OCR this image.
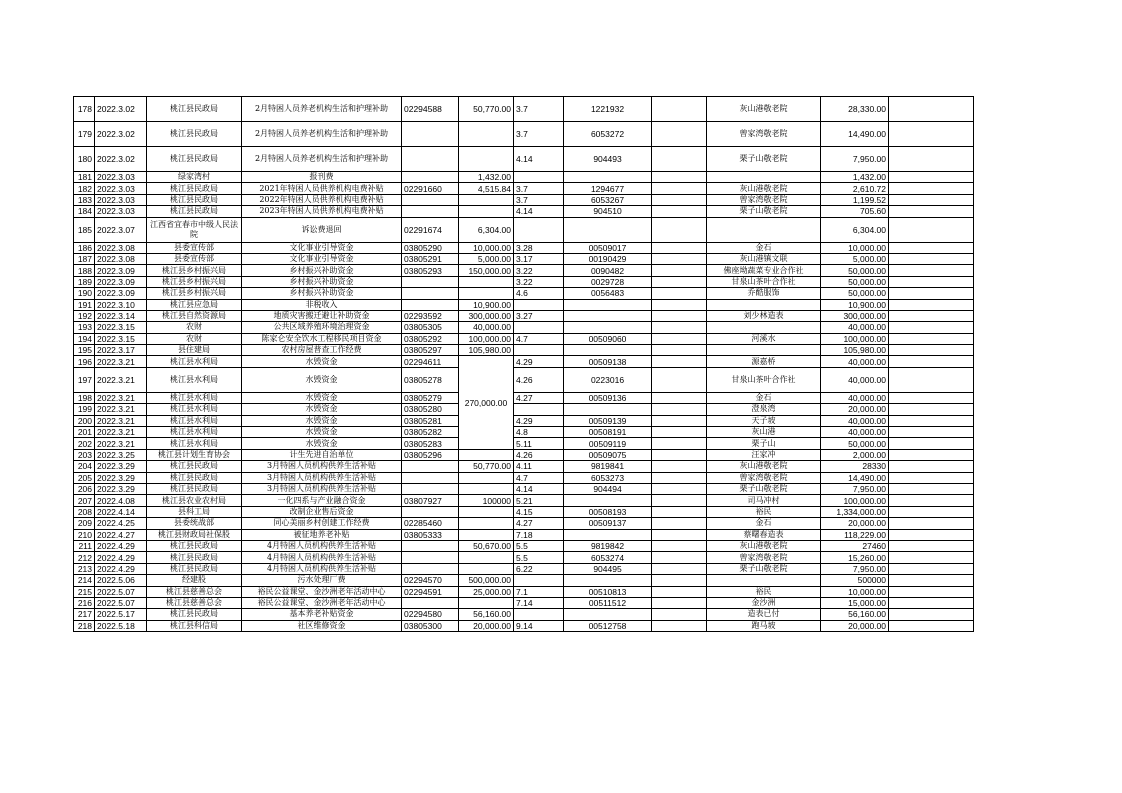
178	2022.3.02	桃江县民政局	2月特困人员养老机构生活和护理补助	02294588	50,770.00	3.7	1221932		灰山港敬老院	28,330.00	
179	2022.3.02	桃江县民政局	2月特困人员养老机构生活和护理补助			3.7	6053272		曾家湾敬老院	14,490.00	
180	2022.3.02	桃江县民政局	2月特困人员养老机构生活和护理补助			4.14	904493		栗子山敬老院	7,950.00	
181	2022.3.03	绿家湾村	报刊费		1,432.00					1,432.00	
182	2022.3.03	桃江县民政局	2021年特困人员供养机构电费补贴	02291660	4,515.84	3.7	1294677		灰山港敬老院	2,610.72	
183	2022.3.03	桃江县民政局	2022年特困人员供养机构电费补贴			3.7	6053267		曾家湾敬老院	1,199.52	
184	2022.3.03	桃江县民政局	2023年特困人员供养机构电费补贴			4.14	904510		栗子山敬老院	705.60	
185	2022.3.07	江西省宜春市中级人民法院	诉讼费退回	02291674	6,304.00					6,304.00	
186	2022.3.08	县委宣传部	文化事业引导资金	03805290	10,000.00	3.28	00509017		金石	10,000.00	
187	2022.3.08	县委宣传部	文化事业引导资金	03805291	5,000.00	3.17	00190429		灰山港镇文联	5,000.00	
188	2022.3.09	桃江县乡村振兴局	乡村振兴补助资金	03805293	150,000.00	3.22	0090482		佛座坳蔬菜专业合作社	50,000.00	
189	2022.3.09	桃江县乡村振兴局	乡村振兴补助资金			3.22	0029728		甘泉山茶叶合作社	50,000.00	
190	2022.3.09	桃江县乡村振兴局	乡村振兴补助资金			4.6	0056483		乔酷服饰	50,000.00	
191	2022.3.10	桃江县应急局	非税收入		10,900.00					10,900.00	
192	2022.3.14	桃江县自然资源局	地质灾害搬迁避让补助资金	02293592	300,000.00	3.27			刘少林造表	300,000.00	
193	2022.3.15	农财	公共区域养殖环境治理资金	03805305	40,000.00					40,000.00	
194	2022.3.15	农财	陈家仑安全饮水工程移民项目资金	03805292	100,000.00	4.7	00509060		河溪水	100,000.00	
195	2022.3.17	县住建局	农村房屋普查工作经费	03805297	105,980.00					105,980.00	
196	2022.3.21	桃江县水利局	水毁资金	02294611	270,000.00	4.29	00509138		源嘉桥	40,000.00	
197	2022.3.21	桃江县水利局	水毁资金	03805278		4.26	0223016		甘泉山茶叶合作社	40,000.00	
198	2022.3.21	桃江县水利局	水毁资金	03805279		4.27	00509136		金石	40,000.00	
199	2022.3.21	桃江县水利局	水毁资金	03805280					澄泉湾	20,000.00	
200	2022.3.21	桃江县水利局	水毁资金	03805281		4.29	00509139		天子坡	40,000.00	
201	2022.3.21	桃江县水利局	水毁资金	03805282		4.8	00508191		灰山港	40,000.00	
202	2022.3.21	桃江县水利局	水毁资金	03805283		5.11	00509119		栗子山	50,000.00	
203	2022.3.25	桃江县计划生育协会	计生先进自治单位	03805296		4.26	00509075		汪家冲	2,000.00	
204	2022.3.29	桃江县民政局	3月特困人员机构供养生活补贴		50,770.00	4.11	9819841		灰山港敬老院	28330	
205	2022.3.29	桃江县民政局	3月特困人员机构供养生活补贴			4.7	6053273		曾家湾敬老院	14,490.00	
206	2022.3.29	桃江县民政局	3月特困人员机构供养生活补贴			4.14	904494		栗子山敬老院	7,950.00	
207	2022.4.08	桃江县农业农村局	一化四系与产业融合资金	03807927	100000	5.21			司马冲村	100,000.00	
208	2022.4.14	县科工局	改制企业售后资金			4.15	00508193		裕民	1,334,000.00	
209	2022.4.25	县委统战部	同心美丽乡村创建工作经费	02285460		4.27	00509137		金石	20,000.00	
210	2022.4.27	桃江县财政局社保股	被征地养老补贴	03805333		7.18			蔡曙春造表	118,229.00	
211	2022.4.29	桃江县民政局	4月特困人员机构供养生活补贴		50,670.00	5.5	9819842		灰山港敬老院	27460	
212	2022.4.29	桃江县民政局	4月特困人员机构供养生活补贴			5.5	6053274		曾家湾敬老院	15,260.00	
213	2022.4.29	桃江县民政局	4月特困人员机构供养生活补贴			6.22	904495		栗子山敬老院	7,950.00	
214	2022.5.06	经建股	污水处理厂费	02294570	500,000.00					500000	
215	2022.5.07	桃江县慈善总会	裕民公益课堂、金沙洲老年活动中心	02294591	25,000.00	7.1	00510813		裕民	10,000.00	
216	2022.5.07	桃江县慈善总会	裕民公益课堂、金沙洲老年活动中心			7.14	00511512		金沙洲	15,000.00	
217	2022.5.17	桃江县民政局	基本养老补贴资金	02294580	56,160.00				造表已付	56,160.00	
218	2022.5.18	桃江县科信局	社区维修资金	03805300	20,000.00	9.14	00512758		跑马坡	20,000.00	
